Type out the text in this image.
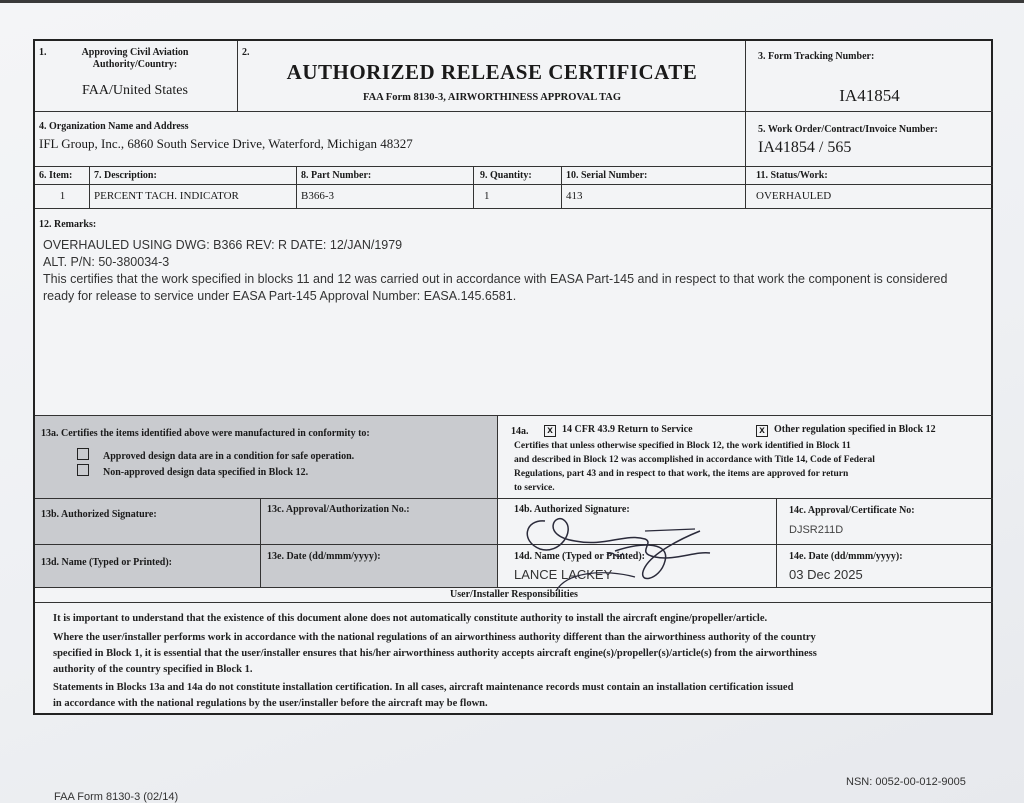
1.	Approving Civil Aviation
Authority/Country:
FAA/United States
2.
AUTHORIZED RELEASE CERTIFICATE
FAA Form 8130-3, AIRWORTHINESS APPROVAL TAG
3. Form Tracking Number:
IA41854
4. Organization Name and Address
IFL Group, Inc., 6860 South Service Drive, Waterford, Michigan 48327
5. Work Order/Contract/Invoice Number:
IA41854 / 565
6. Item: 7. Description:	8. Part Number:	9. Quantity:	10. Serial Number:	11. Status/Work:
1	PERCENT TACH. INDICATOR	B366-3	1	413	OVERHAULED
12. Remarks:
OVERHAULED USING DWG: B366 REV: R DATE: 12/JAN/1979
ALT. P/N: 50-380034-3
This certifies that the work specified in blocks 11 and 12 was carried out in accordance with EASA Part-145 and in respect to that work the component is considered
ready for release to service under EASA Part-145 Approval Number: EASA.145.6581.
13a. Certifies the items identified above were manufactured in conformity to:
Approved design data are in a condition for safe operation.
Non-approved design data specified in Block 12.
14a.	x 14 CFR 43.9 Return to Service	x Other regulation specified in Block 12
Certifies that unless otherwise specified in Block 12, the work identified in Block 11
and described in Block 12 was accomplished in accordance with Title 14, Code of Federal
Regulations, part 43 and in respect to that work, the items are approved for return
to service.
13b. Authorized Signature:	13c. Approval/Authorization No.:	14b. Authorized Signature:	14c. Approval/Certificate No:
DJSR211D
13d. Name (Typed or Printed):
13e. Date (dd/mmm/yyyy):	14d. Name (Typed or Printed):
LANCE LACKEY
14e. Date (dd/mmm/yyyy):
03 Dec 2025
User/Installer Responsibilities
It is important to understand that the existence of this document alone does not automatically constitute authority to install the aircraft engine/propeller/article.
Where the user/installer performs work in accordance with the national regulations of an airworthiness authority different than the airworthiness authority of the country
specified in Block 1, it is essential that the user/installer ensures that his/her airworthiness authority accepts aircraft engine(s)/propeller(s)/article(s) from the airworthiness
authority of the country specified in Block 1.
Statements in Blocks 13a and 14a do not constitute installation certification. In all cases, aircraft maintenance records must contain an installation certification issued
in accordance with the national regulations by the user/installer before the aircraft may be flown.
FAA Form 8130-3 (02/14)
NSN: 0052-00-012-9005
